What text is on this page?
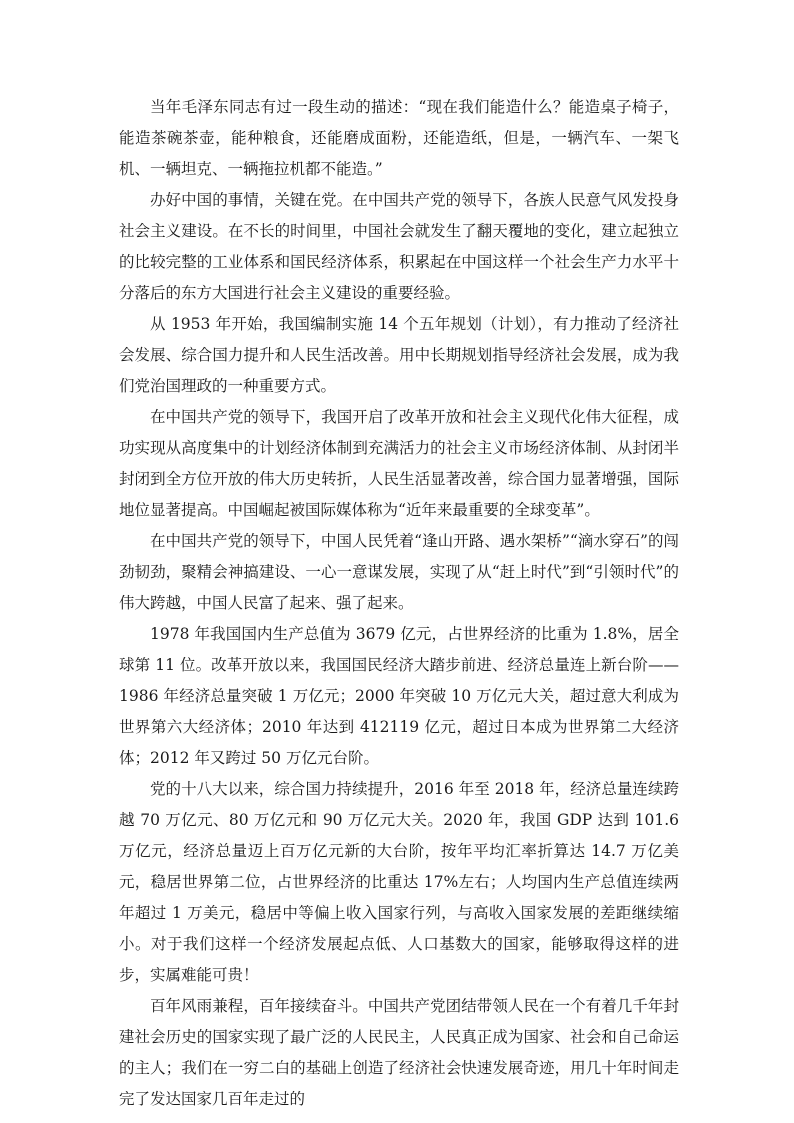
当年毛泽东同志有过一段生动的描述：“现在我们能造什么？能造桌子椅子，能造茶碗茶壶，能种粮食，还能磨成面粉，还能造纸，但是，一辆汽车、一架飞机、一辆坦克、一辆拖拉机都不能造。”

办好中国的事情，关键在党。在中国共产党的领导下，各族人民意气风发投身社会主义建设。在不长的时间里，中国社会就发生了翻天覆地的变化，建立起独立的比较完整的工业体系和国民经济体系，积累起在中国这样一个社会生产力水平十分落后的东方大国进行社会主义建设的重要经验。

从 1953 年开始，我国编制实施 14 个五年规划（计划），有力推动了经济社会发展、综合国力提升和人民生活改善。用中长期规划指导经济社会发展，成为我们党治国理政的一种重要方式。

在中国共产党的领导下，我国开启了改革开放和社会主义现代化伟大征程，成功实现从高度集中的计划经济体制到充满活力的社会主义市场经济体制、从封闭半封闭到全方位开放的伟大历史转折，人民生活显著改善，综合国力显著增强，国际地位显著提高。中国崛起被国际媒体称为“近年来最重要的全球变革”。

在中国共产党的领导下，中国人民凭着“逢山开路、遇水架桥”“滴水穿石”的闯劲韧劲，聚精会神搞建设、一心一意谋发展，实现了从“赶上时代”到“引领时代”的伟大跨越，中国人民富了起来、强了起来。

1978 年我国国内生产总值为 3679 亿元，占世界经济的比重为 1.8%，居全球第 11 位。改革开放以来，我国国民经济大踏步前进、经济总量连上新台阶——1986 年经济总量突破 1 万亿元；2000 年突破 10 万亿元大关，超过意大利成为世界第六大经济体；2010 年达到 412119 亿元，超过日本成为世界第二大经济体；2012 年又跨过 50 万亿元台阶。

党的十八大以来，综合国力持续提升，2016 年至 2018 年，经济总量连续跨越 70 万亿元、80 万亿元和 90 万亿元大关。2020 年，我国 GDP 达到 101.6 万亿元，经济总量迈上百万亿元新的大台阶，按年平均汇率折算达 14.7 万亿美元，稳居世界第二位，占世界经济的比重达 17%左右；人均国内生产总值连续两年超过 1 万美元，稳居中等偏上收入国家行列，与高收入国家发展的差距继续缩小。对于我们这样一个经济发展起点低、人口基数大的国家，能够取得这样的进步，实属难能可贵！

百年风雨兼程，百年接续奋斗。中国共产党团结带领人民在一个有着几千年封建社会历史的国家实现了最广泛的人民民主，人民真正成为国家、社会和自己命运的主人；我们在一穷二白的基础上创造了经济社会快速发展奇迹，用几十年时间走完了发达国家几百年走过的
